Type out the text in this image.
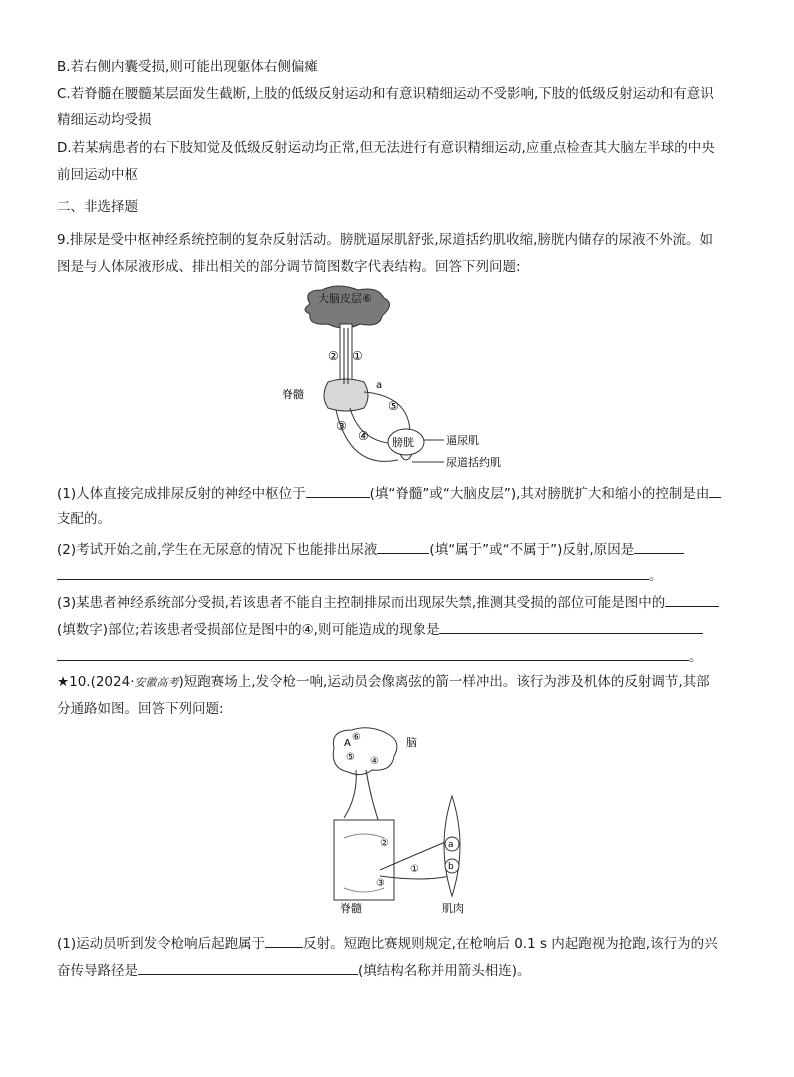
B.若右侧内囊受损,则可能出现躯体右侧偏瘫
C.若脊髓在腰髓某层面发生截断,上肢的低级反射运动和有意识精细运动不受影响,下肢的低级反射运动和有意识
精细运动均受损
D.若某病患者的右下肢知觉及低级反射运动均正常,但无法进行有意识精细运动,应重点检查其大脑左半球的中央
前回运动中枢
二、非选择题
9.排尿是受中枢神经系统控制的复杂反射活动。膀胱逼尿肌舒张,尿道括约肌收缩,膀胱内储存的尿液不外流。如
图是与人体尿液形成、排出相关的部分调节简图数字代表结构。回答下列问题:
大脑皮层⑥
② ①
脊髓
a
⑤
③
④ 膀胱	逼尿肌
尿道括约肌
(1)人体直接完成排尿反射的神经中枢位于	(填“脊髓”或“大脑皮层”),其对膀胱扩大和缩小的控制是由
支配的。
(2)考试开始之前,学生在无尿意的情况下也能排出尿液	(填“属于”或“不属于”)反射,原因是
。
(3)某患者神经系统部分受损,若该患者不能自主控制排尿而出现尿失禁,推测其受损的部位可能是图中的
(填数字)部位;若该患者受损部位是图中的④,则可能造成的现象是
。
★10.(2024·安徽高考)短跑赛场上,发令枪一响,运动员会像离弦的箭一样冲出。该行为涉及机体的反射调节,其部
分通路如图。回答下列问题:
脑
A
⑥
⑤ ④
②
③
①
a
b
脊髓	肌肉
(1)运动员听到发令枪响后起跑属于	反射。短跑比赛规则规定,在枪响后 0.1 s 内起跑视为抢跑,该行为的兴
奋传导路径是	(填结构名称并用箭头相连)。
